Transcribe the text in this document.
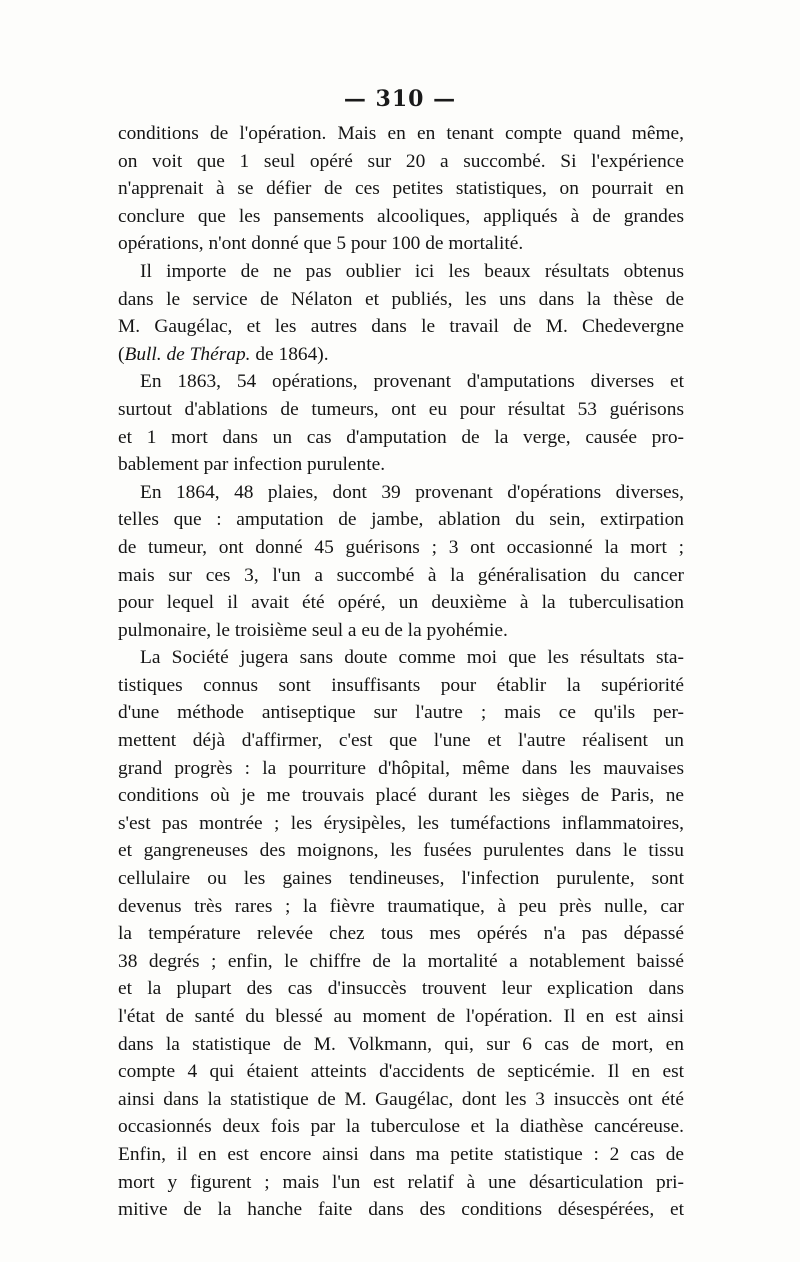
— 310 —
conditions de l'opération. Mais en en tenant compte quand même,
on voit que 1 seul opéré sur 20 a succombé. Si l'expérience
n'apprenait à se défier de ces petites statistiques, on pourrait en
conclure que les pansements alcooliques, appliqués à de grandes
opérations, n'ont donné que 5 pour 100 de mortalité.
Il importe de ne pas oublier ici les beaux résultats obtenus
dans le service de Nélaton et publiés, les uns dans la thèse de
M. Gaugélac, et les autres dans le travail de M. Chedevergne
(Bull. de Thérap. de 1864).
En 1863, 54 opérations, provenant d'amputations diverses et
surtout d'ablations de tumeurs, ont eu pour résultat 53 guérisons
et 1 mort dans un cas d'amputation de la verge, causée pro-
bablement par infection purulente.
En 1864, 48 plaies, dont 39 provenant d'opérations diverses,
telles que : amputation de jambe, ablation du sein, extirpation
de tumeur, ont donné 45 guérisons ; 3 ont occasionné la mort ;
mais sur ces 3, l'un a succombé à la généralisation du cancer
pour lequel il avait été opéré, un deuxième à la tuberculisation
pulmonaire, le troisième seul a eu de la pyohémie.
La Société jugera sans doute comme moi que les résultats sta-
tistiques connus sont insuffisants pour établir la supériorité
d'une méthode antiseptique sur l'autre ; mais ce qu'ils per-
mettent déjà d'affirmer, c'est que l'une et l'autre réalisent un
grand progrès : la pourriture d'hôpital, même dans les mauvaises
conditions où je me trouvais placé durant les sièges de Paris, ne
s'est pas montrée ; les érysipèles, les tuméfactions inflammatoires,
et gangreneuses des moignons, les fusées purulentes dans le tissu
cellulaire ou les gaines tendineuses, l'infection purulente, sont
devenus très rares ; la fièvre traumatique, à peu près nulle, car
la température relevée chez tous mes opérés n'a pas dépassé
38 degrés ; enfin, le chiffre de la mortalité a notablement baissé
et la plupart des cas d'insuccès trouvent leur explication dans
l'état de santé du blessé au moment de l'opération. Il en est ainsi
dans la statistique de M. Volkmann, qui, sur 6 cas de mort, en
compte 4 qui étaient atteints d'accidents de septicémie. Il en est
ainsi dans la statistique de M. Gaugélac, dont les 3 insuccès ont été
occasionnés deux fois par la tuberculose et la diathèse cancéreuse.
Enfin, il en est encore ainsi dans ma petite statistique : 2 cas de
mort y figurent ; mais l'un est relatif à une désarticulation pri-
mitive de la hanche faite dans des conditions désespérées, et
